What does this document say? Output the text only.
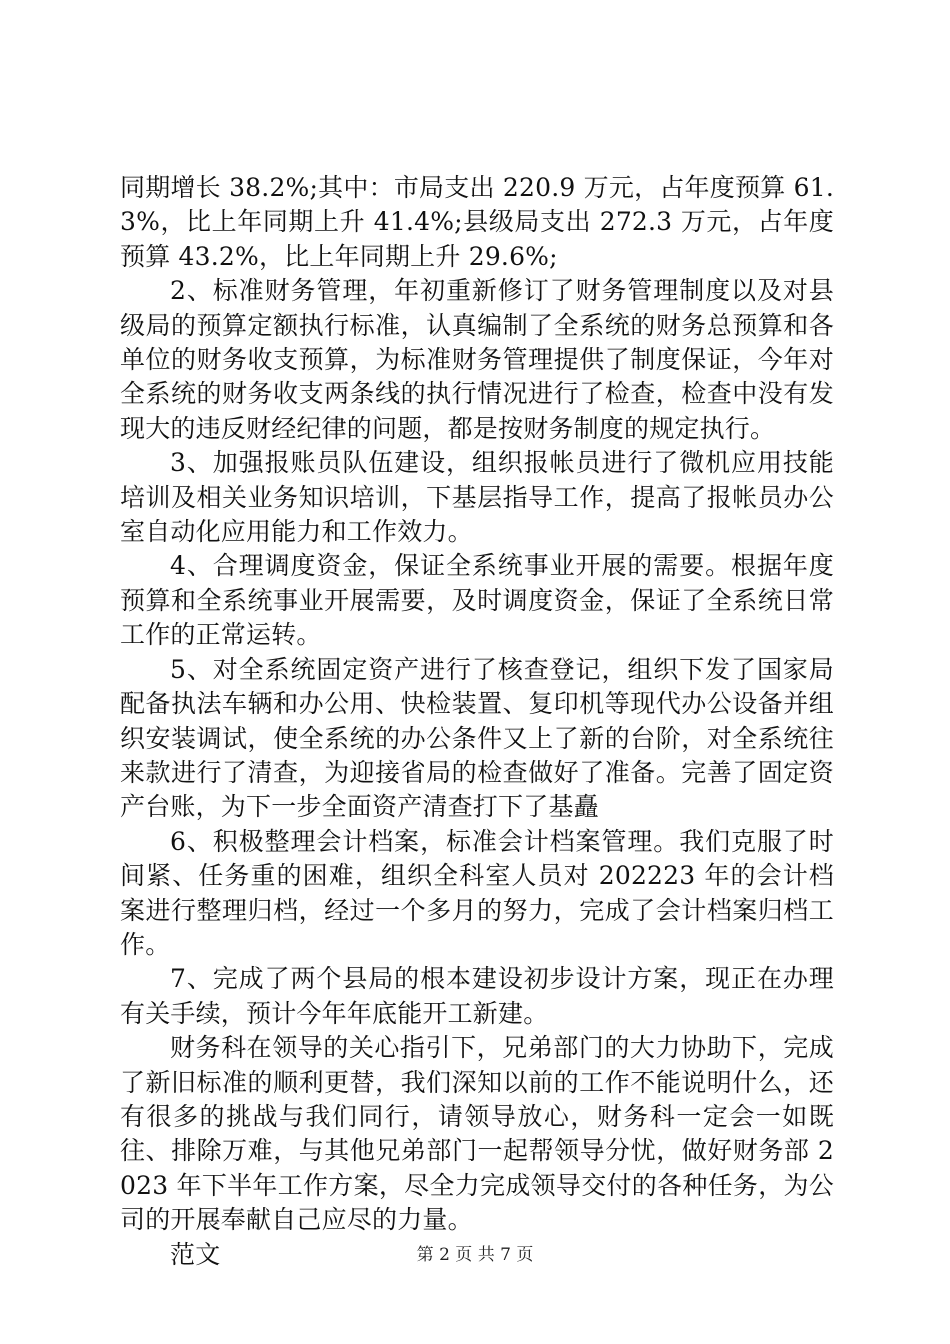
同期增长 38.2%;其中：市局支出 220.9 万元，占年度预算 61.3%，比上年同期上升 41.4%;县级局支出 272.3 万元，占年度预算 43.2%，比上年同期上升 29.6%;

2、标准财务管理，年初重新修订了财务管理制度以及对县级局的预算定额执行标准，认真编制了全系统的财务总预算和各单位的财务收支预算，为标准财务管理提供了制度保证，今年对全系统的财务收支两条线的执行情况进行了检查，检查中没有发现大的违反财经纪律的问题，都是按财务制度的规定执行。

3、加强报账员队伍建设，组织报帐员进行了微机应用技能培训及相关业务知识培训，下基层指导工作，提高了报帐员办公室自动化应用能力和工作效力。

4、合理调度资金，保证全系统事业开展的需要。根据年度预算和全系统事业开展需要，及时调度资金，保证了全系统日常工作的正常运转。

5、对全系统固定资产进行了核查登记，组织下发了国家局配备执法车辆和办公用、快检装置、复印机等现代办公设备并组织安装调试，使全系统的办公条件又上了新的台阶，对全系统往来款进行了清查，为迎接省局的检查做好了准备。完善了固定资产台账，为下一步全面资产清查打下了基矗

6、积极整理会计档案，标准会计档案管理。我们克服了时间紧、任务重的困难，组织全科室人员对 202223 年的会计档案进行整理归档，经过一个多月的努力，完成了会计档案归档工作。

7、完成了两个县局的根本建设初步设计方案，现正在办理有关手续，预计今年年底能开工新建。

财务科在领导的关心指引下，兄弟部门的大力协助下，完成了新旧标准的顺利更替，我们深知以前的工作不能说明什么，还有很多的挑战与我们同行，请领导放心，财务科一定会一如既往、排除万难，与其他兄弟部门一起帮领导分忧，做好财务部 2023 年下半年工作方案，尽全力完成领导交付的各种任务，为公司的开展奉献自己应尽的力量。

范文	第 2 页 共 7 页
